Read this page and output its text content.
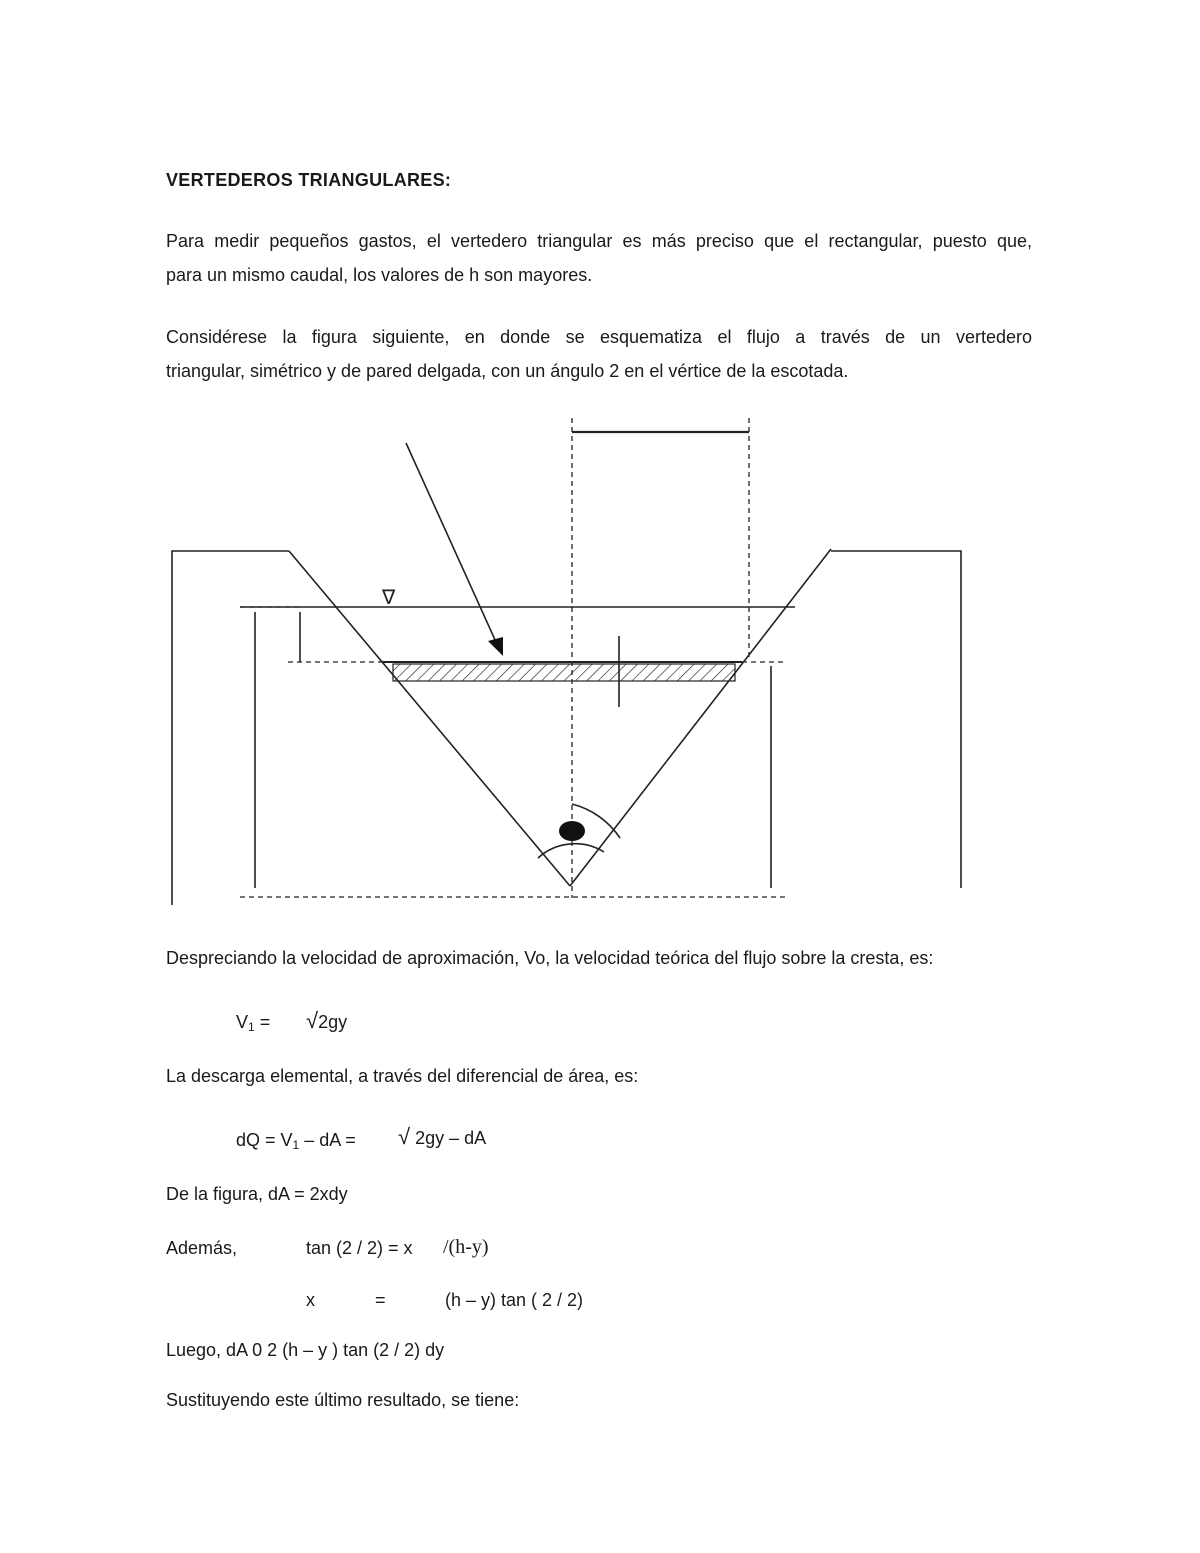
VERTEDEROS TRIANGULARES:
Para medir pequeños gastos, el vertedero triangular es más preciso que el rectangular, puesto que,
para un mismo caudal, los valores de h son mayores.
Considérese la figura siguiente, en donde se esquematiza el flujo a través de un vertedero
triangular, simétrico y de pared delgada, con un ángulo 2 en el vértice de la escotada.
∇
Despreciando la velocidad de aproximación, Vo, la velocidad teórica del flujo sobre la cresta, es:
V1 = √2gy
La descarga elemental, a través del diferencial de área, es:
dQ = V1 – dA = √ 2gy – dA
De la figura, dA = 2xdy
Además,	tan (2 / 2) = x /(h-y)
x	=	(h – y) tan ( 2 / 2)
Luego, dA 0 2 (h – y ) tan (2 / 2) dy
Sustituyendo este último resultado, se tiene:
